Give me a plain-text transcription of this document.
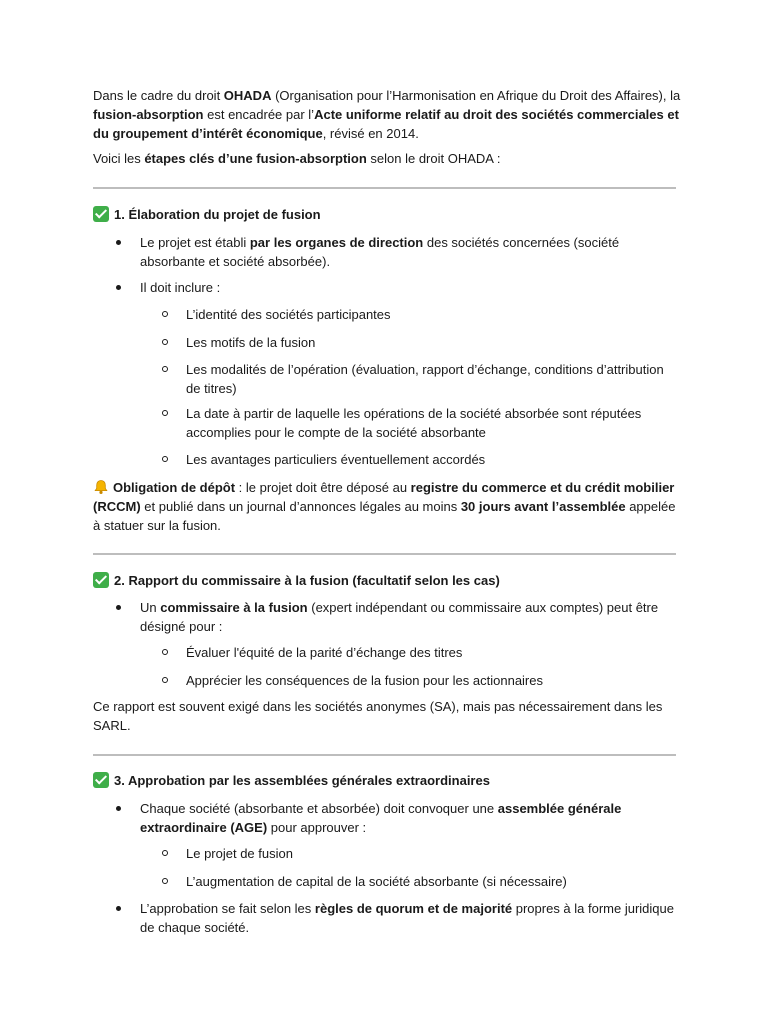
Dans le cadre du droit OHADA (Organisation pour l’Harmonisation en Afrique du Droit des Affaires), la fusion-absorption est encadrée par l’Acte uniforme relatif au droit des sociétés commerciales et du groupement d’intérêt économique, révisé en 2014.
Voici les étapes clés d’une fusion-absorption selon le droit OHADA :
1. Élaboration du projet de fusion
Le projet est établi par les organes de direction des sociétés concernées (société absorbante et société absorbée).
Il doit inclure :
L’identité des sociétés participantes
Les motifs de la fusion
Les modalités de l’opération (évaluation, rapport d’échange, conditions d’attribution de titres)
La date à partir de laquelle les opérations de la société absorbée sont réputées accomplies pour le compte de la société absorbante
Les avantages particuliers éventuellement accordés
Obligation de dépôt : le projet doit être déposé au registre du commerce et du crédit mobilier (RCCM) et publié dans un journal d’annonces légales au moins 30 jours avant l’assemblée appelée à statuer sur la fusion.
2. Rapport du commissaire à la fusion (facultatif selon les cas)
Un commissaire à la fusion (expert indépendant ou commissaire aux comptes) peut être désigné pour :
Évaluer l'équité de la parité d’échange des titres
Apprécier les conséquences de la fusion pour les actionnaires
Ce rapport est souvent exigé dans les sociétés anonymes (SA), mais pas nécessairement dans les SARL.
3. Approbation par les assemblées générales extraordinaires
Chaque société (absorbante et absorbée) doit convoquer une assemblée générale extraordinaire (AGE) pour approuver :
Le projet de fusion
L’augmentation de capital de la société absorbante (si nécessaire)
L’approbation se fait selon les règles de quorum et de majorité propres à la forme juridique de chaque société.
